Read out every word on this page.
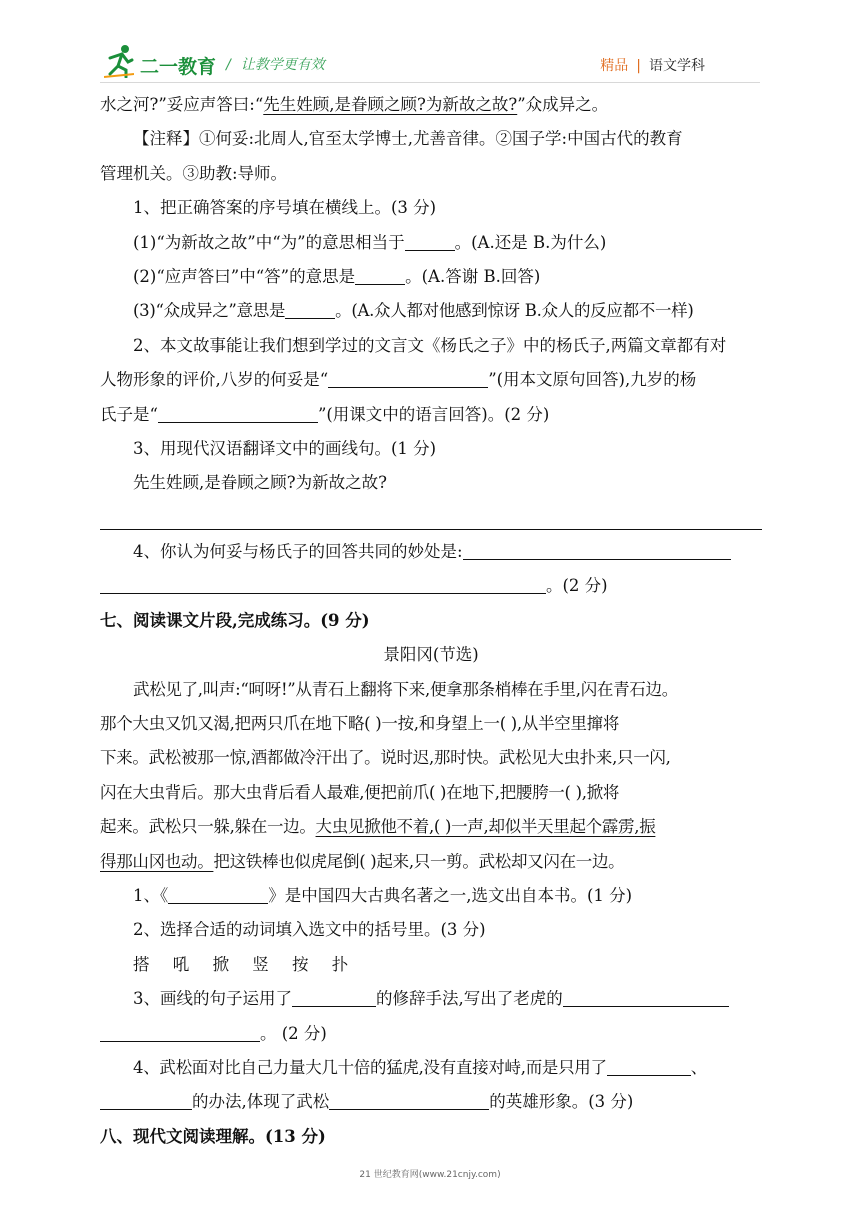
二一教育 / 让教学更有效	精品 | 语文学科
水之河?”妥应声答曰:“先生姓顾,是眷顾之顾?为新故之故?”众成异之。
【注释】①何妥:北周人,官至太学博士,尤善音律。②国子学:中国古代的教育
管理机关。③助教:导师。
1、把正确答案的序号填在横线上。(3 分)
(1)“为新故之故”中“为”的意思相当于	。(A.还是 B.为什么)
(2)“应声答曰”中“答”的意思是	。(A.答谢 B.回答)
(3)“众成异之”意思是	。(A.众人都对他感到惊讶 B.众人的反应都不一样)
2、本文故事能让我们想到学过的文言文《杨氏之子》中的杨氏子,两篇文章都有对
人物形象的评价,八岁的何妥是“	”(用本文原句回答),九岁的杨
氏子是“	”(用课文中的语言回答)。(2 分)
3、用现代汉语翻译文中的画线句。(1 分)
先生姓顾,是眷顾之顾?为新故之故?
4、你认为何妥与杨氏子的回答共同的妙处是:
。(2 分)
七、阅读课文片段,完成练习。(9 分)
景阳冈(节选)
武松见了,叫声:“呵呀!”从青石上翻将下来,便拿那条梢棒在手里,闪在青石边。
那个大虫又饥又渴,把两只爪在地下略( )一按,和身望上一( ),从半空里撺将
下来。武松被那一惊,酒都做冷汗出了。说时迟,那时快。武松见大虫扑来,只一闪,
闪在大虫背后。那大虫背后看人最难,便把前爪( )在地下,把腰胯一( ),掀将
起来。武松只一躲,躲在一边。大虫见掀他不着,( )一声,却似半天里起个霹雳,振
得那山冈也动。把这铁棒也似虎尾倒( )起来,只一剪。武松却又闪在一边。
1、《	》是中国四大古典名著之一,选文出自本书。(1 分)
2、选择合适的动词填入选文中的括号里。(3 分)
搭 吼 掀 竖 按 扑
3、画线的句子运用了	的修辞手法,写出了老虎的
。 (2 分)
4、武松面对比自己力量大几十倍的猛虎,没有直接对峙,而是只用了	、
的办法,体现了武松	的英雄形象。(3 分)
八、现代文阅读理解。(13 分)
21 世纪教育网(www.21cnjy.com)
